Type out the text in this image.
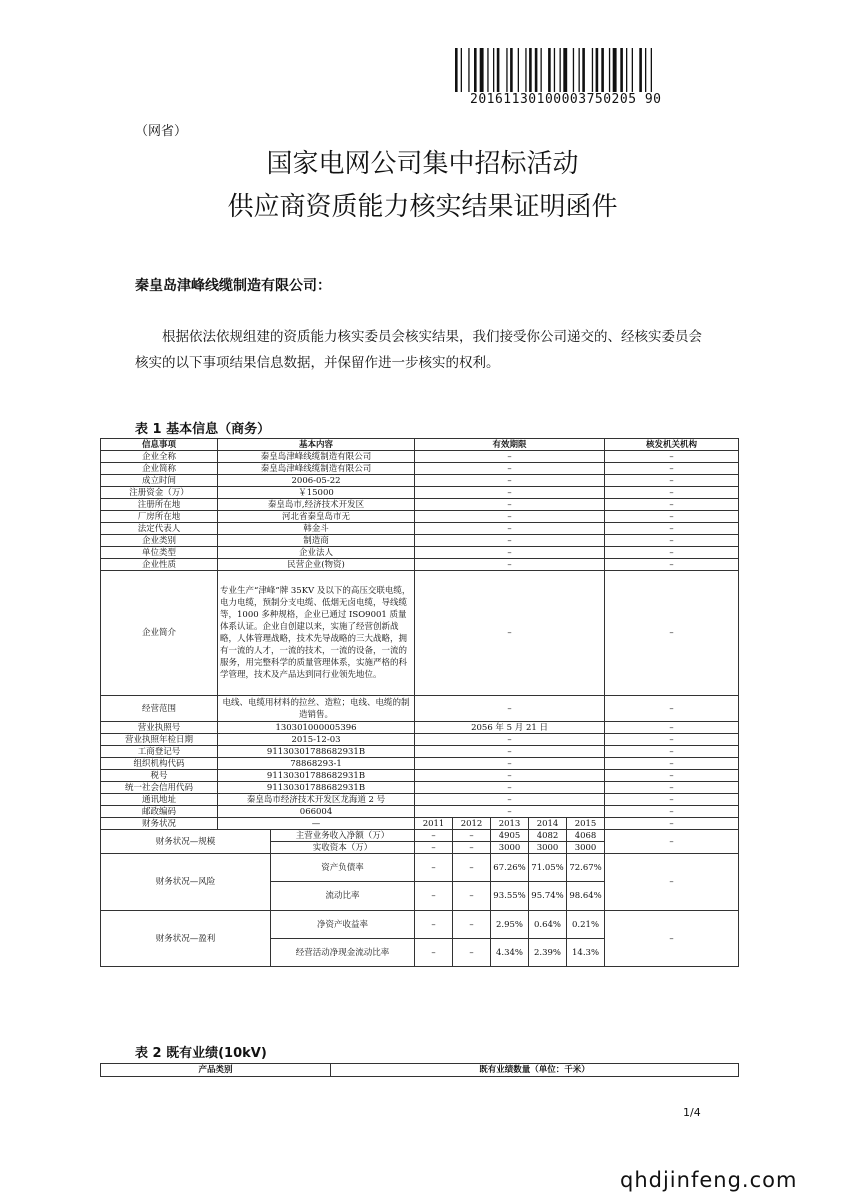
20161130100003750205 90
（网省）
国家电网公司集中招标活动
供应商资质能力核实结果证明函件
秦皇岛津峰线缆制造有限公司：
根据依法依规组建的资质能力核实委员会核实结果，我们接受你公司递交的、经核实委员会核实的以下事项结果信息数据，并保留作进一步核实的权利。
表 1 基本信息（商务）
信息事项	基本内容		有效期限					核发机关机构
企业全称	秦皇岛津峰线缆制造有限公司		–					–
企业简称	秦皇岛津峰线缆制造有限公司		–					–
成立时间	2006-05-22		–					–
注册资金（万）	￥15000		–					–
注册所在地	秦皇岛市,经济技术开发区		–					–
厂房所在地	河北省秦皇岛市无		–					–
法定代表人	韩金斗		–					–
企业类别	制造商		–					–
单位类型	企业法人		–					–
企业性质	民营企业(物资)		–					–
企业简介	专业生产“津峰”牌 35KV 及以下的高压交联电缆，电力电缆，预制分支电缆、低烟无卤电缆，导线缆等，1000 多种规格，企业已通过 ISO9001 质量体系认证。企业自创建以来，实施了经营创新战略，人体管理战略，技术先导战略的三大战略，拥有一流的人才，一流的技术，一流的设备，一流的服务，用完整科学的质量管理体系，实施严格的科学管理，技术及产品达到同行业领先地位。		–					–
经营范围	电线、电缆用材料的拉丝、造粒；电线、电缆的制造销售。		–					–
营业执照号	130301000005396		2056 年 5 月 21 日					–
营业执照年检日期	2015-12-03		–					–
工商登记号	91130301788682931B		–					–
组织机构代码	78868293-1		–					–
税号	91130301788682931B		–					–
统一社会信用代码	91130301788682931B		–					–
通讯地址	秦皇岛市经济技术开发区龙海道 2 号		–					–
邮政编码	066004		–					–
财务状况	—		2011	2012	2013	2014	2015	–
财务状况—规模		主营业务收入净额（万）	–	–	4905	4082	4068	–
		实收资本（万）	–	–	3000	3000	3000	
财务状况—风险		资产负债率	–	–	67.26%	71.05%	72.67%	–
		流动比率	–	–	93.55%	95.74%	98.64%	
财务状况—盈利		净资产收益率	–	–	2.95%	0.64%	0.21%	–
		经营活动净现金流动比率	–	–	4.34%	2.39%	14.3%	
表 2 既有业绩(10kV)
产品类别	既有业绩数量（单位：千米）
1/4
qhdjinfeng.com
